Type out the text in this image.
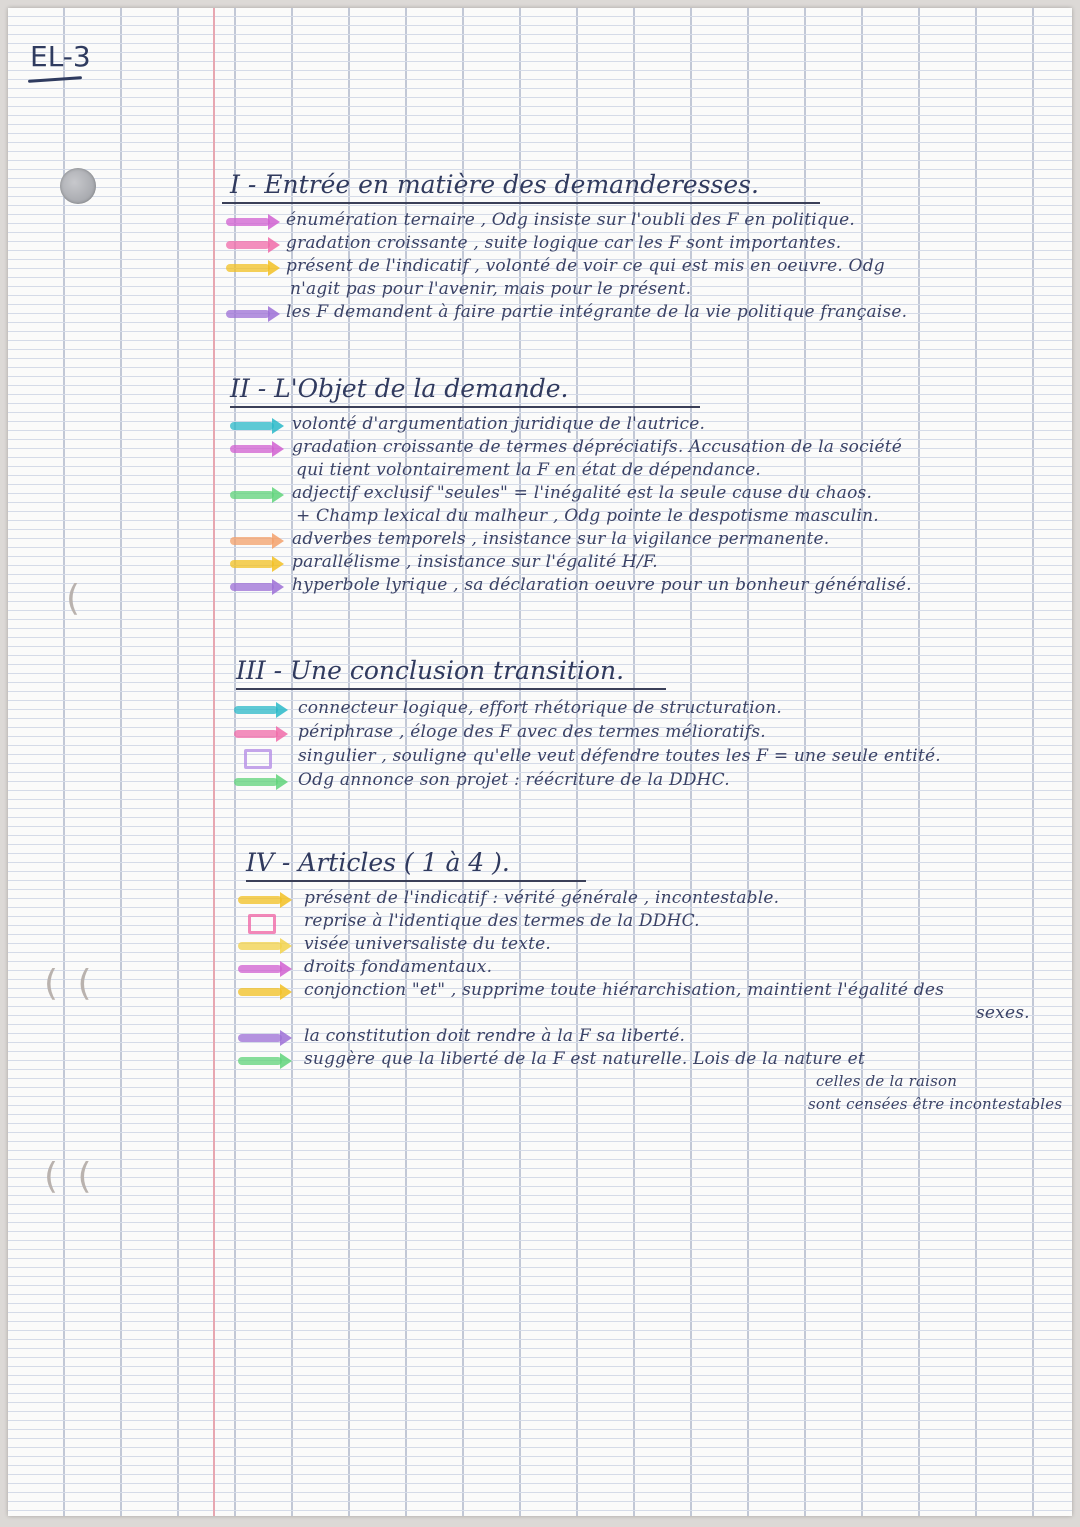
(
( (
( (
EL-3
I - Entrée en matière des demanderesses.
énumération ternaire , Odg insiste sur l'oubli des F en politique.
gradation croissante , suite logique car les F sont importantes.
présent de l'indicatif , volonté de voir ce qui est mis en oeuvre. Odg
n'agit pas pour l'avenir, mais pour le présent.
les F demandent à faire partie intégrante de la vie politique française.
II - L'Objet de la demande.
volonté d'argumentation juridique de l'autrice.
gradation croissante de termes dépréciatifs. Accusation de la société
qui tient volontairement la F en état de dépendance.
adjectif exclusif "seules" = l'inégalité est la seule cause du chaos.
+ Champ lexical du malheur , Odg pointe le despotisme masculin.
adverbes temporels , insistance sur la vigilance permanente.
parallélisme , insistance sur l'égalité H/F.
hyperbole lyrique , sa déclaration oeuvre pour un bonheur généralisé.
III - Une conclusion transition.
connecteur logique, effort rhétorique de structuration.
périphrase , éloge des F avec des termes mélioratifs.
singulier , souligne qu'elle veut défendre toutes les F = une seule entité.
Odg annonce son projet : réécriture de la DDHC.
IV - Articles ( 1 à 4 ).
présent de l'indicatif : vérité générale , incontestable.
reprise à l'identique des termes de la DDHC.
visée universaliste du texte.
droits fondamentaux.
conjonction "et" , supprime toute hiérarchisation, maintient l'égalité des
sexes.
la constitution doit rendre à la F sa liberté.
suggère que la liberté de la F est naturelle. Lois de la nature et
celles de la raison
sont censées être incontestables
